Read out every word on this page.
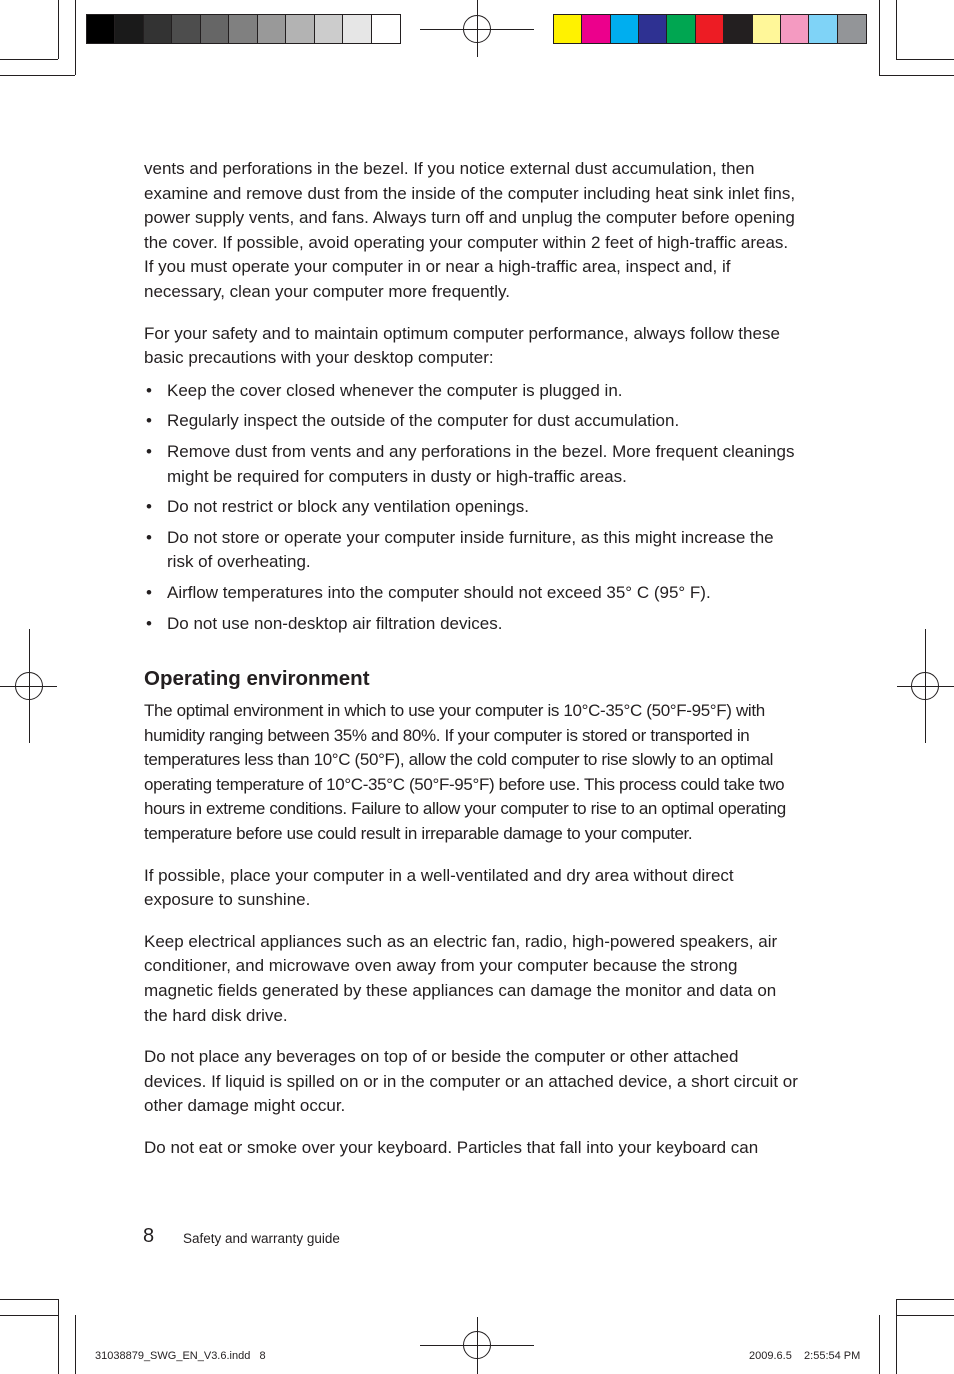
vents and perforations in the bezel. If you notice external dust accumulation, then examine and remove dust from the inside of the computer including heat sink inlet fins, power supply vents, and fans. Always turn off and unplug the computer before opening the cover. If possible, avoid operating your computer within 2 feet of high-traffic areas. If you must operate your computer in or near a high-traffic area, inspect and, if necessary, clean your computer more frequently.

For your safety and to maintain optimum computer performance, always follow these basic precautions with your desktop computer:

• Keep the cover closed whenever the computer is plugged in.
• Regularly inspect the outside of the computer for dust accumulation.
• Remove dust from vents and any perforations in the bezel. More frequent cleanings might be required for computers in dusty or high-traffic areas.
• Do not restrict or block any ventilation openings.
• Do not store or operate your computer inside furniture, as this might increase the risk of overheating.
• Airflow temperatures into the computer should not exceed 35° C (95° F).
• Do not use non-desktop air filtration devices.
Operating environment

The optimal environment in which to use your computer is 10°C-35°C (50°F-95°F) with humidity ranging between 35% and 80%. If your computer is stored or transported in temperatures less than 10°C (50°F), allow the cold computer to rise slowly to an optimal operating temperature of 10°C-35°C (50°F-95°F) before use. This process could take two hours in extreme conditions. Failure to allow your computer to rise to an optimal operating temperature before use could result in irreparable damage to your computer.

If possible, place your computer in a well-ventilated and dry area without direct exposure to sunshine.

Keep electrical appliances such as an electric fan, radio, high-powered speakers, air conditioner, and microwave oven away from your computer because the strong magnetic fields generated by these appliances can damage the monitor and data on the hard disk drive.

Do not place any beverages on top of or beside the computer or other attached devices. If liquid is spilled on or in the computer or an attached device, a short circuit or other damage might occur.

Do not eat or smoke over your keyboard. Particles that fall into your keyboard can

8 Safety and warranty guide
31038879_SWG_EN_V3.6.indd   8	2009.6.5    2:55:54 PM
